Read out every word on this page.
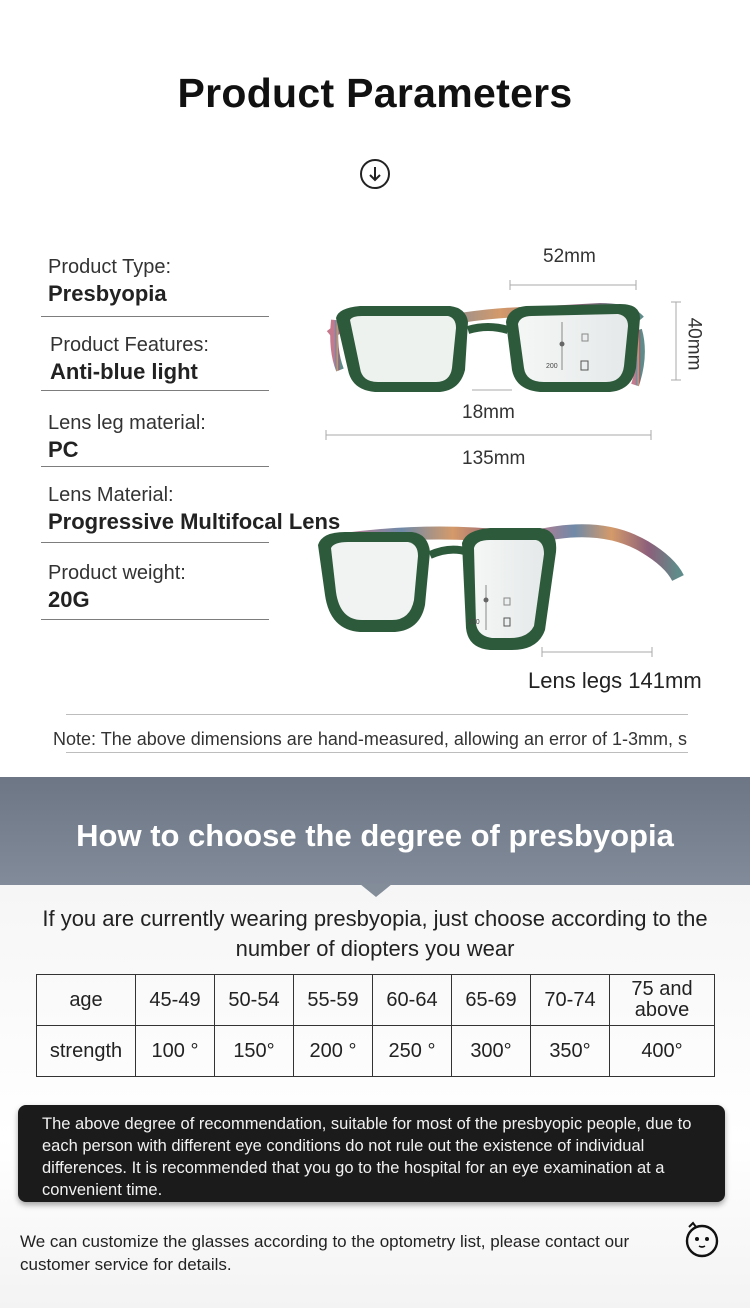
Product Parameters
Product Type:
Presbyopia
Product Features:
Anti-blue light
Lens leg material:
PC
Lens Material:
Progressive Multifocal Lens
Product weight:
20G
200
200
52mm
40mm
18mm
135mm
Lens legs 141mm
Note: The above dimensions are hand-measured, allowing an error of 1-3mm, s
How to choose the degree of presbyopia
If you are currently wearing presbyopia, just choose according to the number of diopters you wear
age	45-49	50-54	55-59	60-64	65-69	70-74	75 and above
strength	100 °	150°	200 °	250 °	300°	350°	400°
The above degree of recommendation, suitable for most of the presbyopic people, due to each person with different eye conditions do not rule out the existence of individual differences. It is recommended that you go to the hospital for an eye examination at a convenient time.
We can customize the glasses according to the optometry list, please contact our customer service for details.
